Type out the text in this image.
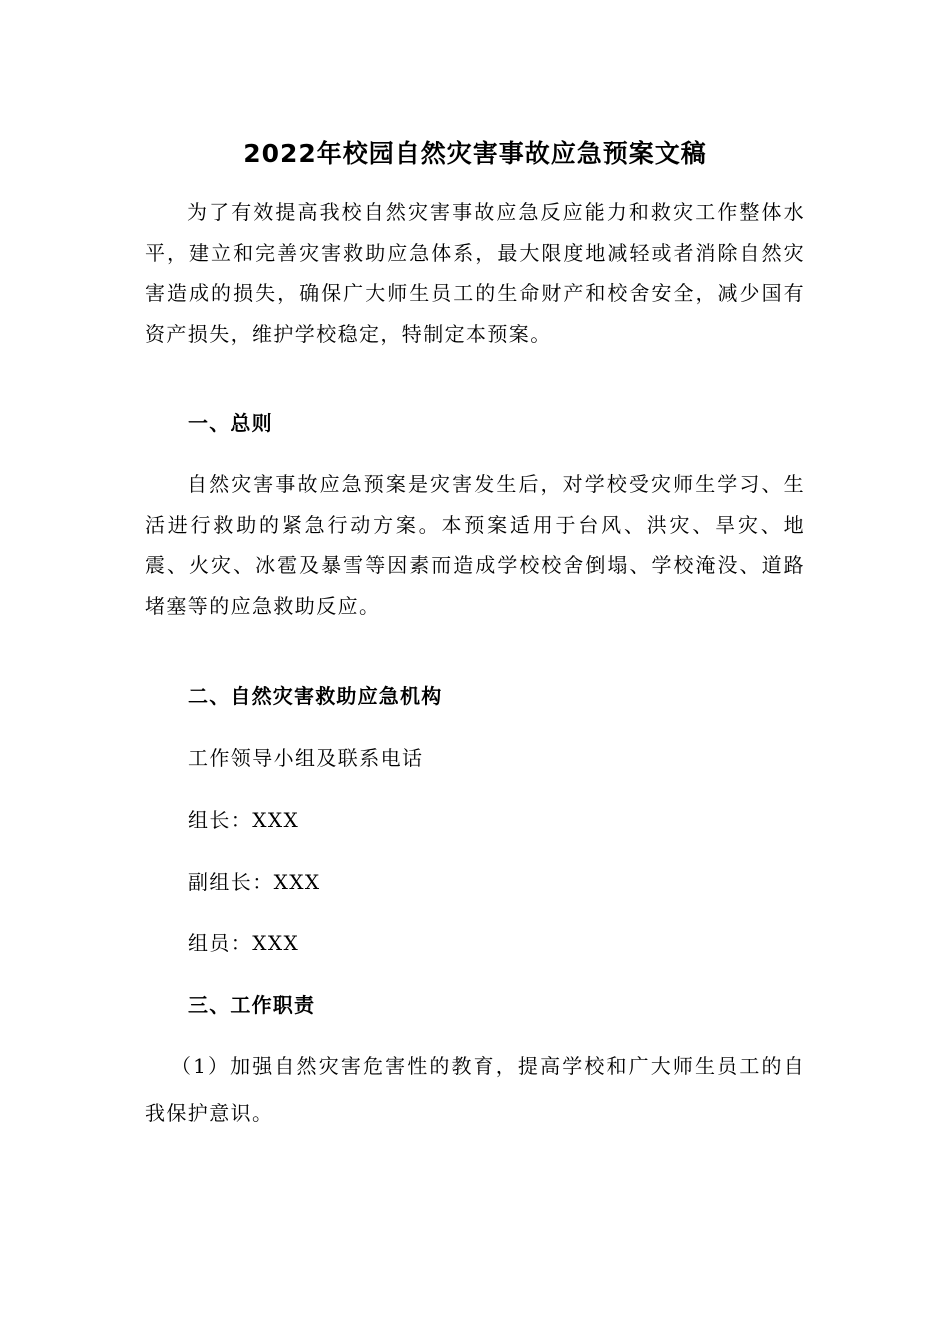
2022年校园自然灾害事故应急预案文稿
为了有效提高我校自然灾害事故应急反应能力和救灾工作整体水平，建立和完善灾害救助应急体系，最大限度地减轻或者消除自然灾害造成的损失，确保广大师生员工的生命财产和校舍安全，减少国有资产损失，维护学校稳定，特制定本预案。
一、总则
自然灾害事故应急预案是灾害发生后，对学校受灾师生学习、生活进行救助的紧急行动方案。本预案适用于台风、洪灾、旱灾、地震、火灾、冰雹及暴雪等因素而造成学校校舍倒塌、学校淹没、道路堵塞等的应急救助反应。
二、自然灾害救助应急机构
工作领导小组及联系电话
组长：XXX
副组长：XXX
组员：XXX
三、工作职责
（1）加强自然灾害危害性的教育，提高学校和广大师生员工的自我保护意识。
